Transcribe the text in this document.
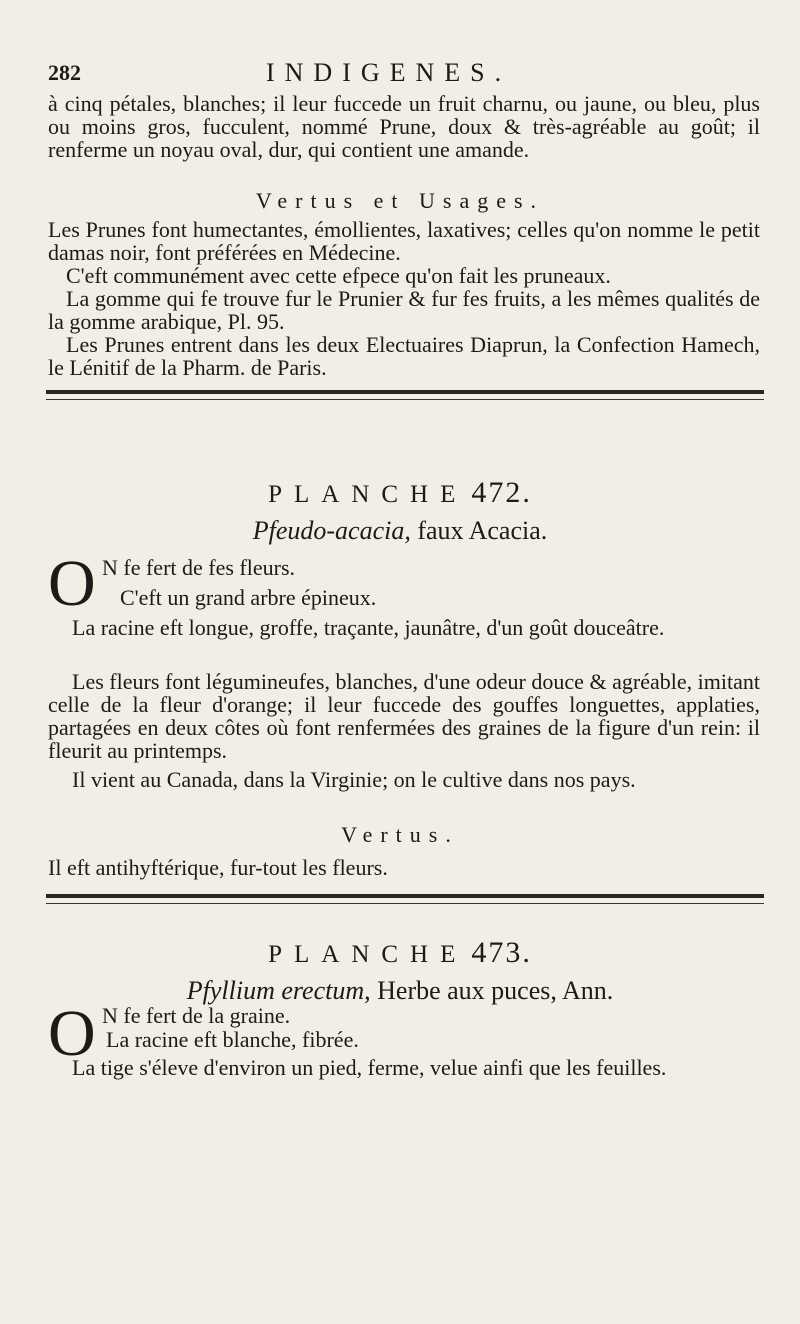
282	INDIGENES.
à cinq pétales, blanches; il leur fuccede un fruit charnu, ou jaune, ou bleu, plus ou moins gros, fucculent, nommé Prune, doux & très-agréable au goût; il renferme un noyau oval, dur, qui contient une amande.
Vertus et Usages.
Les Prunes font humectantes, émollientes, laxatives; celles qu'on nomme le petit damas noir, font préférées en Médecine.
C'eft communément avec cette efpece qu'on fait les pruneaux.
La gomme qui fe trouve fur le Prunier & fur fes fruits, a les mêmes qualités de la gomme arabique, Pl. 95.
Les Prunes entrent dans les deux Electuaires Diaprun, la Confection Hamech, le Lénitif de la Pharm. de Paris.
PLANCHE 472.
Pfeudo-acacia, faux Acacia.
O N fe fert de fes fleurs.
C'eft un grand arbre épineux.
La racine eft longue, groffe, traçante, jaunâtre, d'un goût douceâtre.
Les fleurs font légumineufes, blanches, d'une odeur douce & agréable, imitant celle de la fleur d'orange; il leur fuccede des gouffes longuettes, applaties, partagées en deux côtes où font renfermées des graines de la figure d'un rein: il fleurit au printemps.
Il vient au Canada, dans la Virginie; on le cultive dans nos pays.
Vertus.
Il eft antihyftérique, fur-tout les fleurs.
PLANCHE 473.
Pfyllium erectum, Herbe aux puces, Ann.
O N fe fert de la graine.
La racine eft blanche, fibrée.
La tige s'éleve d'environ un pied, ferme, velue ainfi que les feuilles.
